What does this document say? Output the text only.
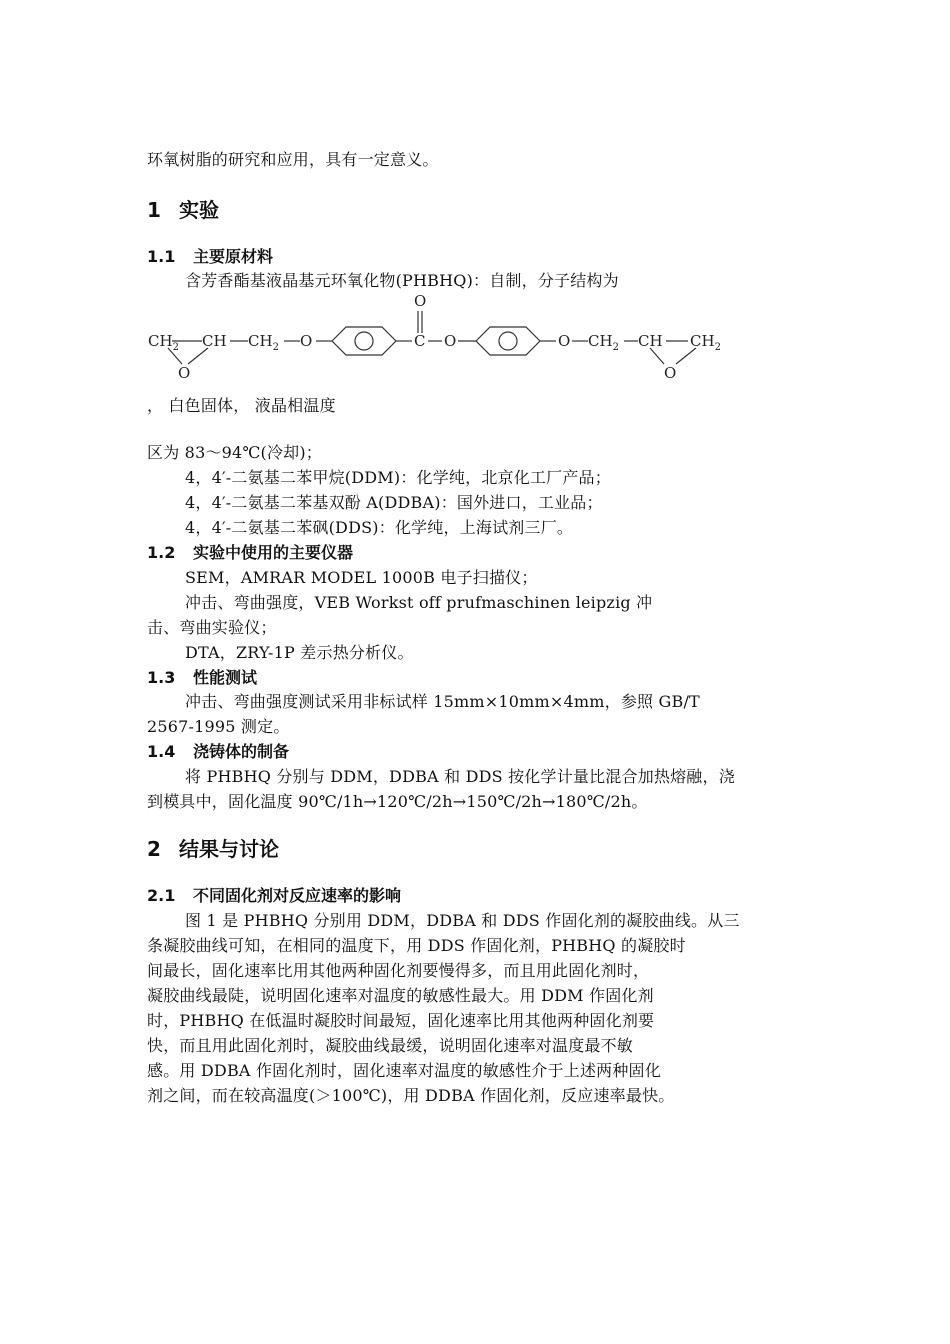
环氧树脂的研究和应用，具有一定意义。
1 实验
1.1 主要原材料
含芳香酯基液晶基元环氧化物(PHBHQ)：自制，分子结构为
$CH_2$ CH $CH_2$ O
O
O
C O	O $CH_2$ CH $CH_2$
O
， 白色固体， 液晶相温度
区为 83～94℃(冷却)；
4，4′-二氨基二苯甲烷(DDM)：化学纯，北京化工厂产品；
4，4′-二氨基二苯基双酚 A(DDBA)：国外进口，工业品；
4，4′-二氨基二苯砜(DDS)：化学纯，上海试剂三厂。
1.2 实验中使用的主要仪器
SEM，AMRAR MODEL 1000B 电子扫描仪；
冲击、弯曲强度，VEB Workst off prufmaschinen leipzig 冲
击、弯曲实验仪；
DTA，ZRY-1P 差示热分析仪。
1.3 性能测试
冲击、弯曲强度测试采用非标试样 15mm×10mm×4mm，参照 GB/T
2567-1995 测定。
1.4 浇铸体的制备
将 PHBHQ 分别与 DDM，DDBA 和 DDS 按化学计量比混合加热熔融，浇
到模具中，固化温度 90℃/1h→120℃/2h→150℃/2h→180℃/2h。
2 结果与讨论
2.1 不同固化剂对反应速率的影响
图 1 是 PHBHQ 分别用 DDM，DDBA 和 DDS 作固化剂的凝胶曲线。从三
条凝胶曲线可知，在相同的温度下，用 DDS 作固化剂，PHBHQ 的凝胶时
间最长，固化速率比用其他两种固化剂要慢得多，而且用此固化剂时，
凝胶曲线最陡，说明固化速率对温度的敏感性最大。用 DDM 作固化剂
时，PHBHQ 在低温时凝胶时间最短，固化速率比用其他两种固化剂要
快，而且用此固化剂时，凝胶曲线最缓，说明固化速率对温度最不敏
感。用 DDBA 作固化剂时，固化速率对温度的敏感性介于上述两种固化
剂之间，而在较高温度(＞100℃)，用 DDBA 作固化剂，反应速率最快。
